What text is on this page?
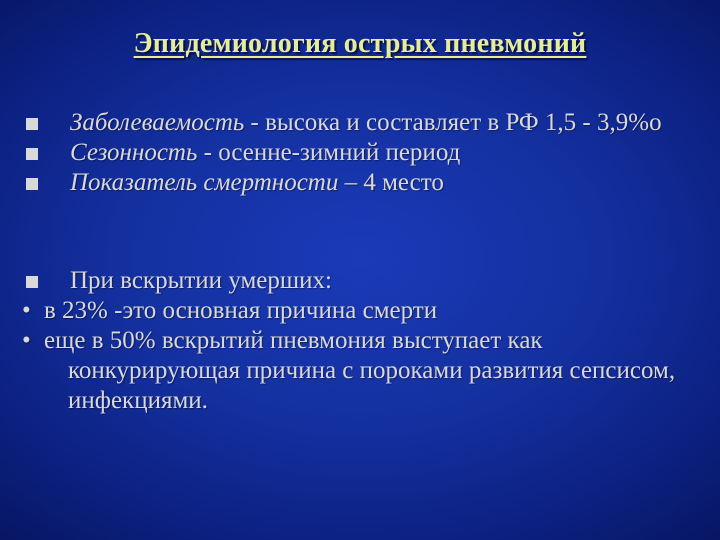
Эпидемиология острых пневмоний
Заболеваемость - высока и составляет в РФ 1,5 - 3,9%о
Сезонность - осенне-зимний период
Показатель смертности – 4 место
При вскрытии умерших:
• в 23% -это основная причина смерти
• еще в 50% вскрытий пневмония выступает как конкурирующая причина с пороками развития сепсисом, инфекциями.
